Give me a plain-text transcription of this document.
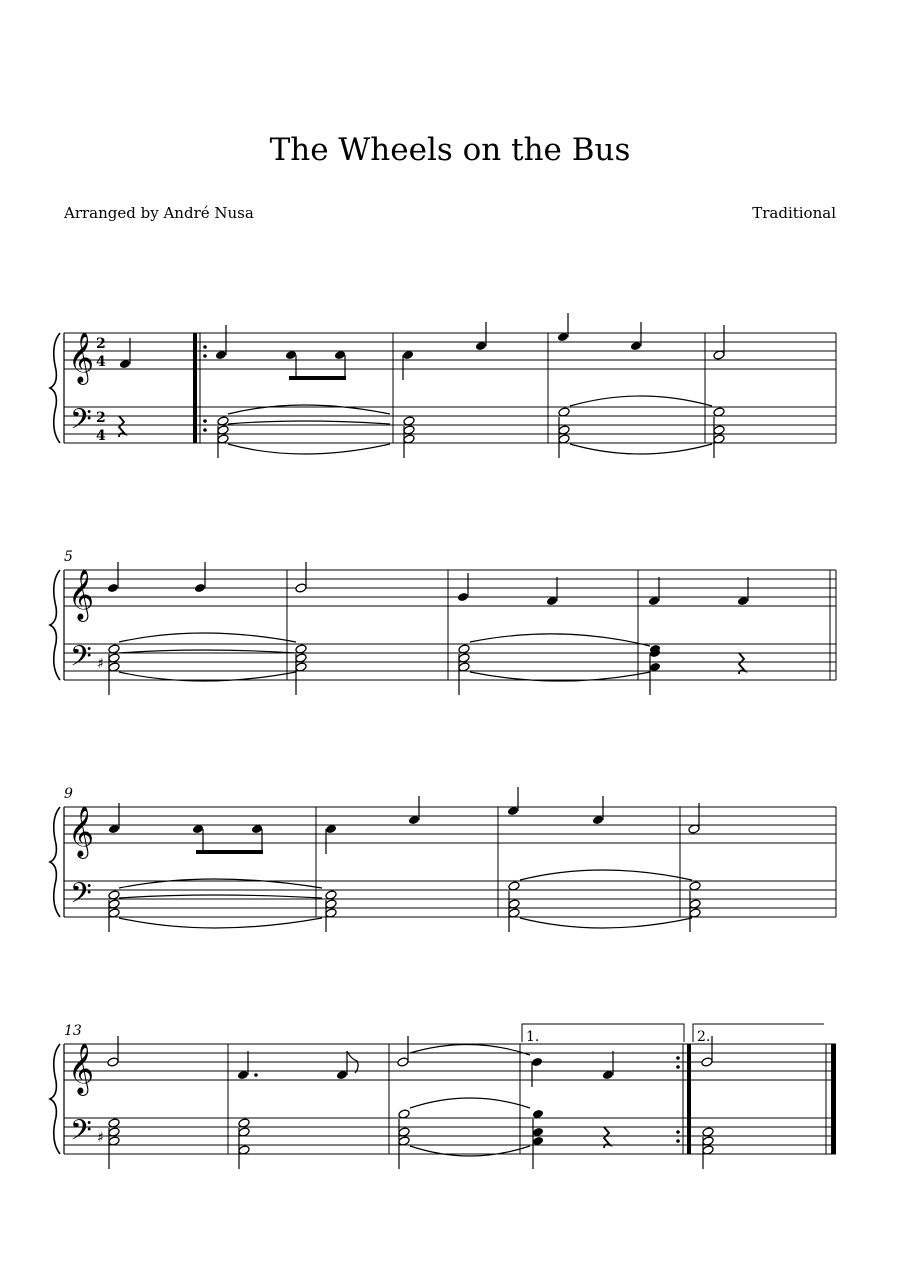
The Wheels on the Bus
Arranged by André Nusa	Traditional
𝄞
𝄢
2
4
2
4
5
𝄞
𝄢 ♯
9
𝄞
𝄢
13
𝄞
𝄢 ♯
1.	2.
